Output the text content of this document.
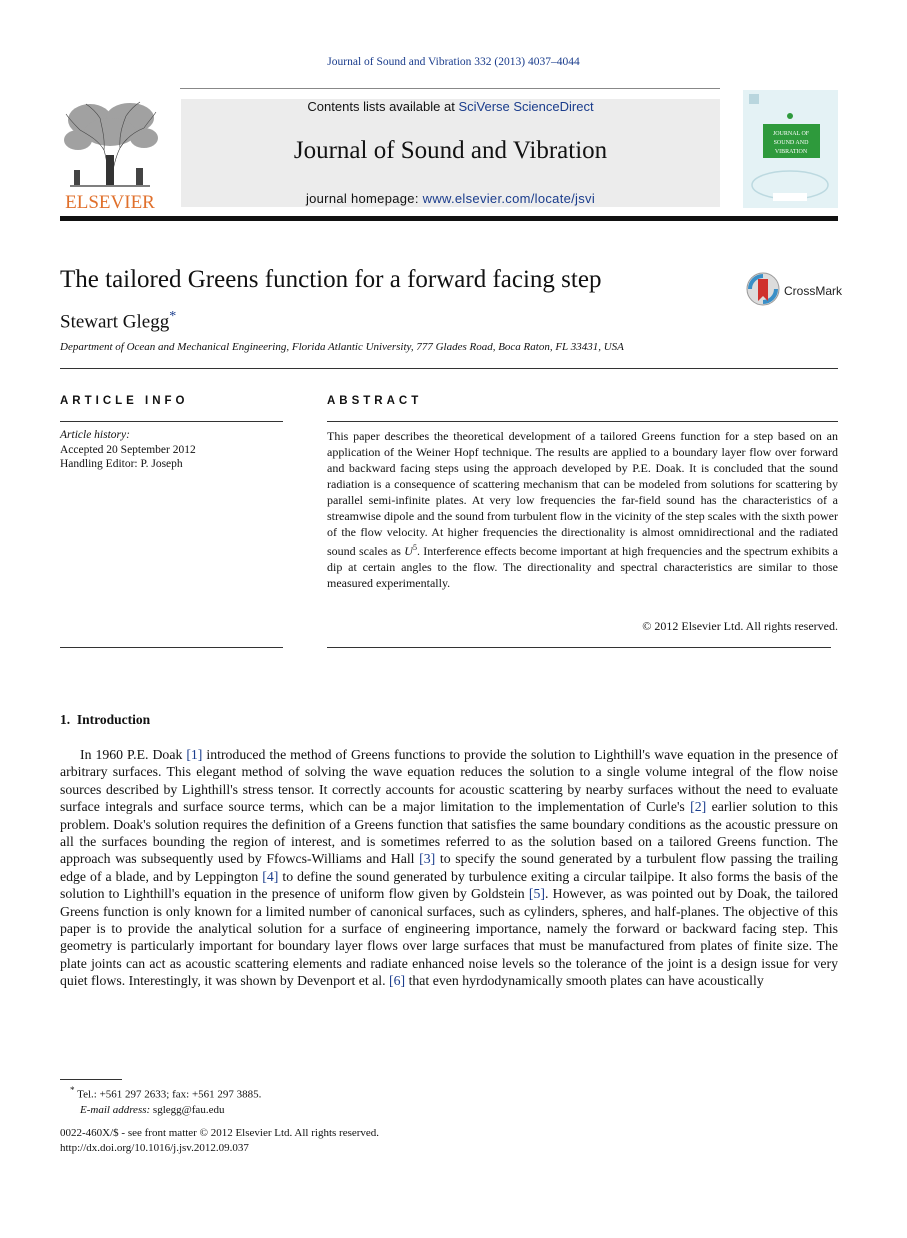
Journal of Sound and Vibration 332 (2013) 4037–4044
ELSEVIER
Contents lists available at SciVerse ScienceDirect
Journal of Sound and Vibration
journal homepage: www.elsevier.com/locate/jsvi
JOURNAL OF
SOUND AND
VIBRATION
The tailored Greens function for a forward facing step	CrossMark
Stewart Glegg*
Department of Ocean and Mechanical Engineering, Florida Atlantic University, 777 Glades Road, Boca Raton, FL 33431, USA
ARTICLE INFO	ABSTRACT
Article history:
Accepted 20 September 2012
Handling Editor: P. Joseph
This paper describes the theoretical development of a tailored Greens function for a step based on an application of the Weiner Hopf technique. The results are applied to a boundary layer flow over forward and backward facing steps using the approach developed by P.E. Doak. It is concluded that the sound radiation is a consequence of scattering mechanism that can be modeled from solutions for scattering by parallel semi-infinite plates. At very low frequencies the far-field sound has the characteristics of a streamwise dipole and the sound from turbulent flow in the vicinity of the step scales with the sixth power of the flow velocity. At higher frequencies the directionality is almost omnidirectional and the radiated sound scales as $U^5$. Interference effects become important at high frequencies and the spectrum exhibits a dip at certain angles to the flow. The directionality and spectral characteristics are similar to those measured experimentally.
© 2012 Elsevier Ltd. All rights reserved.
1. Introduction
In 1960 P.E. Doak [1] introduced the method of Greens functions to provide the solution to Lighthill's wave equation in the presence of arbitrary surfaces. This elegant method of solving the wave equation reduces the solution to a single volume integral of the flow noise sources described by Lighthill's stress tensor. It correctly accounts for acoustic scattering by nearby surfaces without the need to evaluate surface integrals and surface source terms, which can be a major limitation to the implementation of Curle's [2] earlier solution to this problem. Doak's solution requires the definition of a Greens function that satisfies the same boundary conditions as the acoustic pressure on all the surfaces bounding the region of interest, and is sometimes referred to as the solution based on a tailored Greens function. The approach was subsequently used by Ffowcs-Williams and Hall [3] to specify the sound generated by a turbulent flow passing the trailing edge of a blade, and by Leppington [4] to define the sound generated by turbulence exiting a circular tailpipe. It also forms the basis of the solution to Lighthill's equation in the presence of uniform flow given by Goldstein [5]. However, as was pointed out by Doak, the tailored Greens function is only known for a limited number of canonical surfaces, such as cylinders, spheres, and half-planes. The objective of this paper is to provide the analytical solution for a surface of engineering importance, namely the forward or backward facing step. This geometry is particularly important for boundary layer flows over large surfaces that must be manufactured from plates of finite size. The plate joints can act as acoustic scattering elements and radiate enhanced noise levels so the tolerance of the joint is a design issue for very quiet flows. Interestingly, it was shown by Devenport et al. [6] that even hyrdodynamically smooth plates can have acoustically
* Tel.: +561 297 2633; fax: +561 297 3885.
E-mail address: sglegg@fau.edu
0022-460X/$ - see front matter © 2012 Elsevier Ltd. All rights reserved.
http://dx.doi.org/10.1016/j.jsv.2012.09.037
